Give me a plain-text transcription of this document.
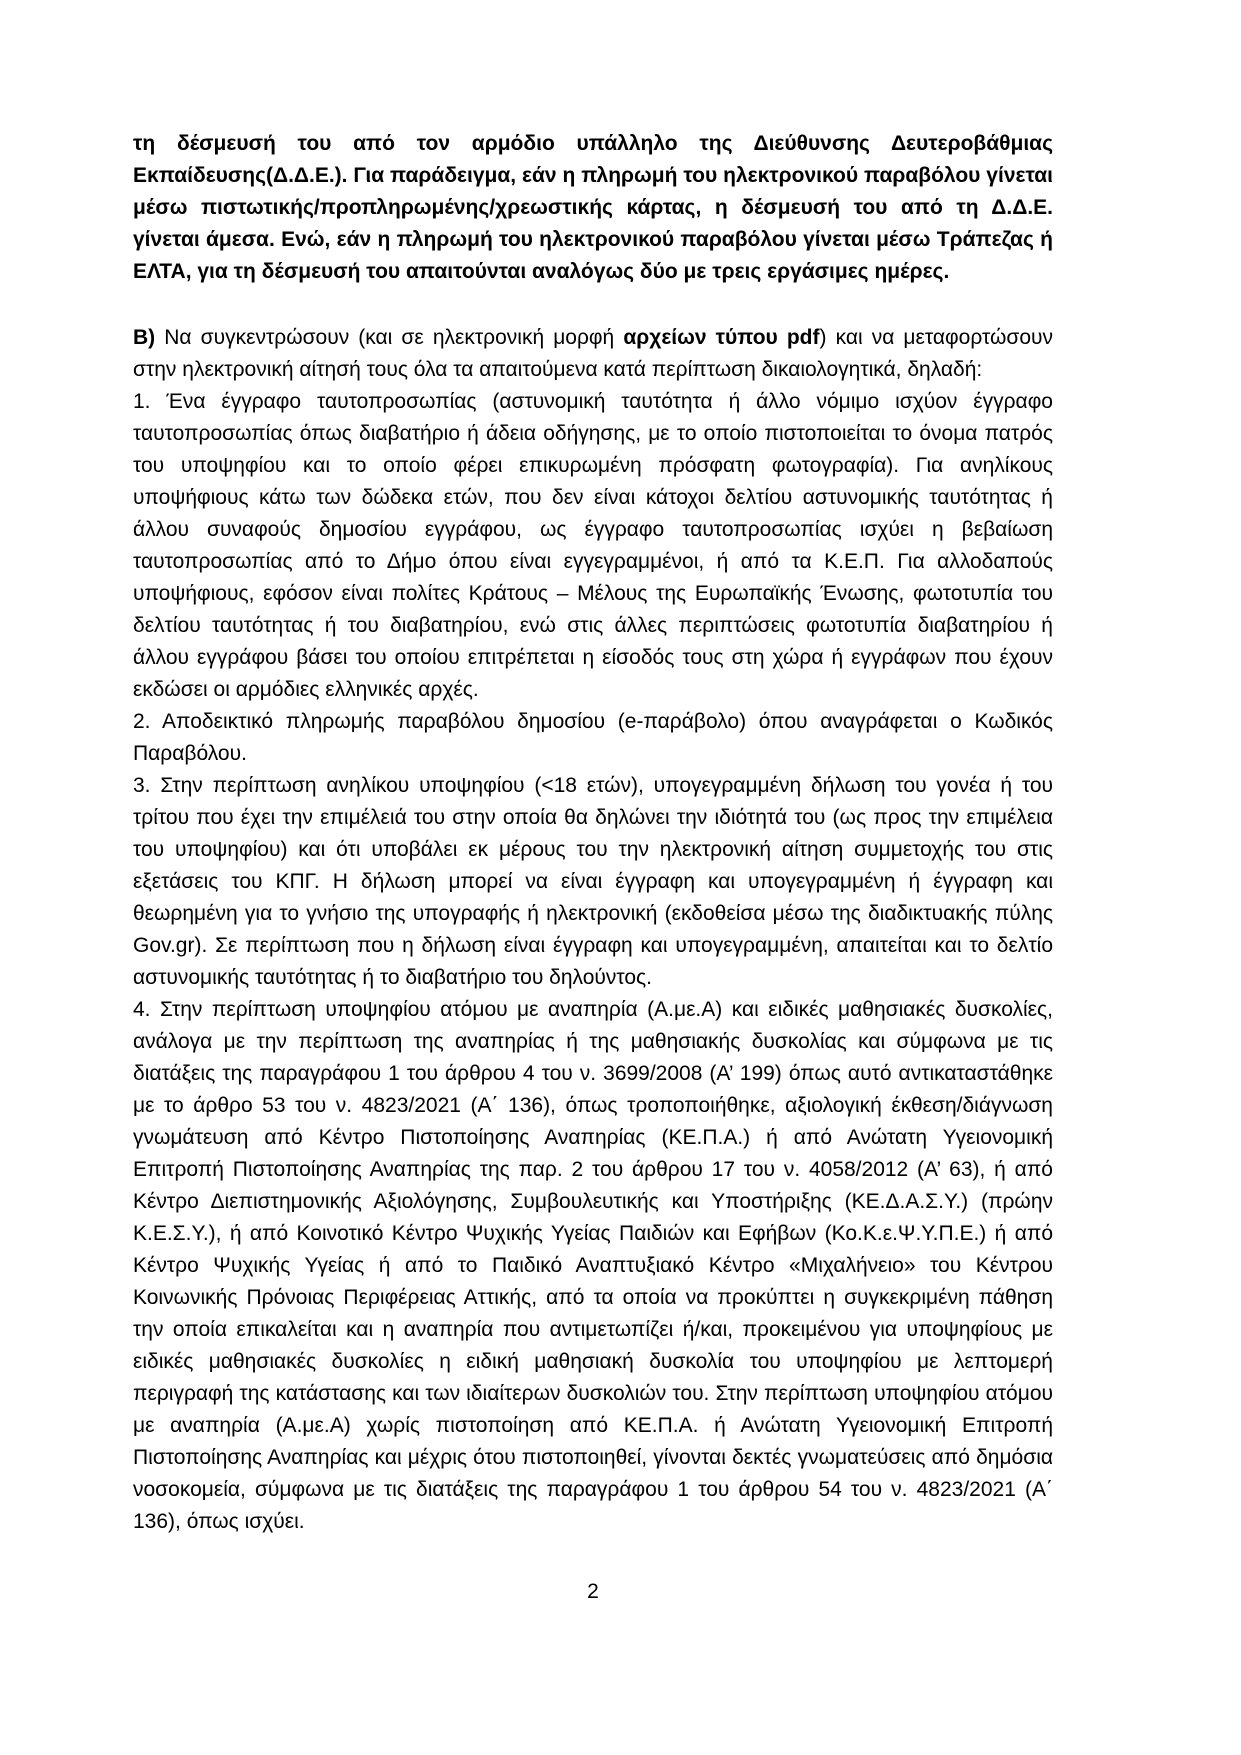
τη δέσμευσή του από τον αρμόδιο υπάλληλο της Διεύθυνσης Δευτεροβάθμιας Εκπαίδευσης(Δ.Δ.Ε.). Για παράδειγμα, εάν η πληρωμή του ηλεκτρονικού παραβόλου γίνεται μέσω πιστωτικής/προπληρωμένης/χρεωστικής κάρτας, η δέσμευσή του από τη Δ.Δ.Ε. γίνεται άμεσα. Ενώ, εάν η πληρωμή του ηλεκτρονικού παραβόλου γίνεται μέσω Τράπεζας ή ΕΛΤΑ, για τη δέσμευσή του απαιτούνται αναλόγως δύο με τρεις εργάσιμες ημέρες.

Β) Να συγκεντρώσουν (και σε ηλεκτρονική μορφή αρχείων τύπου pdf) και να μεταφορτώσουν στην ηλεκτρονική αίτησή τους όλα τα απαιτούμενα κατά περίπτωση δικαιολογητικά, δηλαδή:

1. Ένα έγγραφο ταυτοπροσωπίας (αστυνομική ταυτότητα ή άλλο νόμιμο ισχύον έγγραφο ταυτοπροσωπίας όπως διαβατήριο ή άδεια οδήγησης, με το οποίο πιστοποιείται το όνομα πατρός του υποψηφίου και το οποίο φέρει επικυρωμένη πρόσφατη φωτογραφία). Για ανηλίκους υποψήφιους κάτω των δώδεκα ετών, που δεν είναι κάτοχοι δελτίου αστυνομικής ταυτότητας ή άλλου συναφούς δημοσίου εγγράφου, ως έγγραφο ταυτοπροσωπίας ισχύει η βεβαίωση ταυτοπροσωπίας από το Δήμο όπου είναι εγγεγραμμένοι, ή από τα Κ.Ε.Π. Για αλλοδαπούς υποψήφιους, εφόσον είναι πολίτες Κράτους – Μέλους της Ευρωπαϊκής Ένωσης, φωτοτυπία του δελτίου ταυτότητας ή του διαβατηρίου, ενώ στις άλλες περιπτώσεις φωτοτυπία διαβατηρίου ή άλλου εγγράφου βάσει του οποίου επιτρέπεται η είσοδός τους στη χώρα ή εγγράφων που έχουν εκδώσει οι αρμόδιες ελληνικές αρχές.

2. Αποδεικτικό πληρωμής παραβόλου δημοσίου (e-παράβολο) όπου αναγράφεται ο Κωδικός Παραβόλου.

3. Στην περίπτωση ανηλίκου υποψηφίου (<18 ετών), υπογεγραμμένη δήλωση του γονέα ή του τρίτου που έχει την επιμέλειά του στην οποία θα δηλώνει την ιδιότητά του (ως προς την επιμέλεια του υποψηφίου) και ότι υποβάλει εκ μέρους του την ηλεκτρονική αίτηση συμμετοχής του στις εξετάσεις του ΚΠΓ. Η δήλωση μπορεί να είναι έγγραφη και υπογεγραμμένη ή έγγραφη και θεωρημένη για το γνήσιο της υπογραφής ή ηλεκτρονική (εκδοθείσα μέσω της διαδικτυακής πύλης Gov.gr). Σε περίπτωση που η δήλωση είναι έγγραφη και υπογεγραμμένη, απαιτείται και το δελτίο αστυνομικής ταυτότητας ή το διαβατήριο του δηλούντος.

4. Στην περίπτωση υποψηφίου ατόμου με αναπηρία (Α.με.Α) και ειδικές μαθησιακές δυσκολίες, ανάλογα με την περίπτωση της αναπηρίας ή της μαθησιακής δυσκολίας και σύμφωνα με τις διατάξεις της παραγράφου 1 του άρθρου 4 του ν. 3699/2008 (Α’ 199) όπως αυτό αντικαταστάθηκε με το άρθρο 53 του ν. 4823/2021 (Α΄ 136), όπως τροποποιήθηκε, αξιολογική έκθεση/διάγνωση γνωμάτευση από Κέντρο Πιστοποίησης Αναπηρίας (ΚΕ.Π.Α.) ή από Ανώτατη Υγειονομική Επιτροπή Πιστοποίησης Αναπηρίας της παρ. 2 του άρθρου 17 του ν. 4058/2012 (Α’ 63), ή από Κέντρο Διεπιστημονικής Αξιολόγησης, Συμβουλευτικής και Υποστήριξης (ΚΕ.Δ.Α.Σ.Υ.) (πρώην Κ.Ε.Σ.Υ.), ή από Κοινοτικό Κέντρο Ψυχικής Υγείας Παιδιών και Εφήβων (Κο.Κ.ε.Ψ.Υ.Π.Ε.) ή από Κέντρο Ψυχικής Υγείας ή από το Παιδικό Αναπτυξιακό Κέντρο «Μιχαλήνειο» του Κέντρου Κοινωνικής Πρόνοιας Περιφέρειας Αττικής, από τα οποία να προκύπτει η συγκεκριμένη πάθηση την οποία επικαλείται και η αναπηρία που αντιμετωπίζει ή/και, προκειμένου για υποψηφίους με ειδικές μαθησιακές δυσκολίες η ειδική μαθησιακή δυσκολία του υποψηφίου με λεπτομερή περιγραφή της κατάστασης και των ιδιαίτερων δυσκολιών του. Στην περίπτωση υποψηφίου ατόμου με αναπηρία (Α.με.Α) χωρίς πιστοποίηση από ΚΕ.Π.Α. ή Ανώτατη Υγειονομική Επιτροπή Πιστοποίησης Αναπηρίας και μέχρις ότου πιστοποιηθεί, γίνονται δεκτές γνωματεύσεις από δημόσια νοσοκομεία, σύμφωνα με τις διατάξεις της παραγράφου 1 του άρθρου 54 του ν. 4823/2021 (Α΄ 136), όπως ισχύει.

2
